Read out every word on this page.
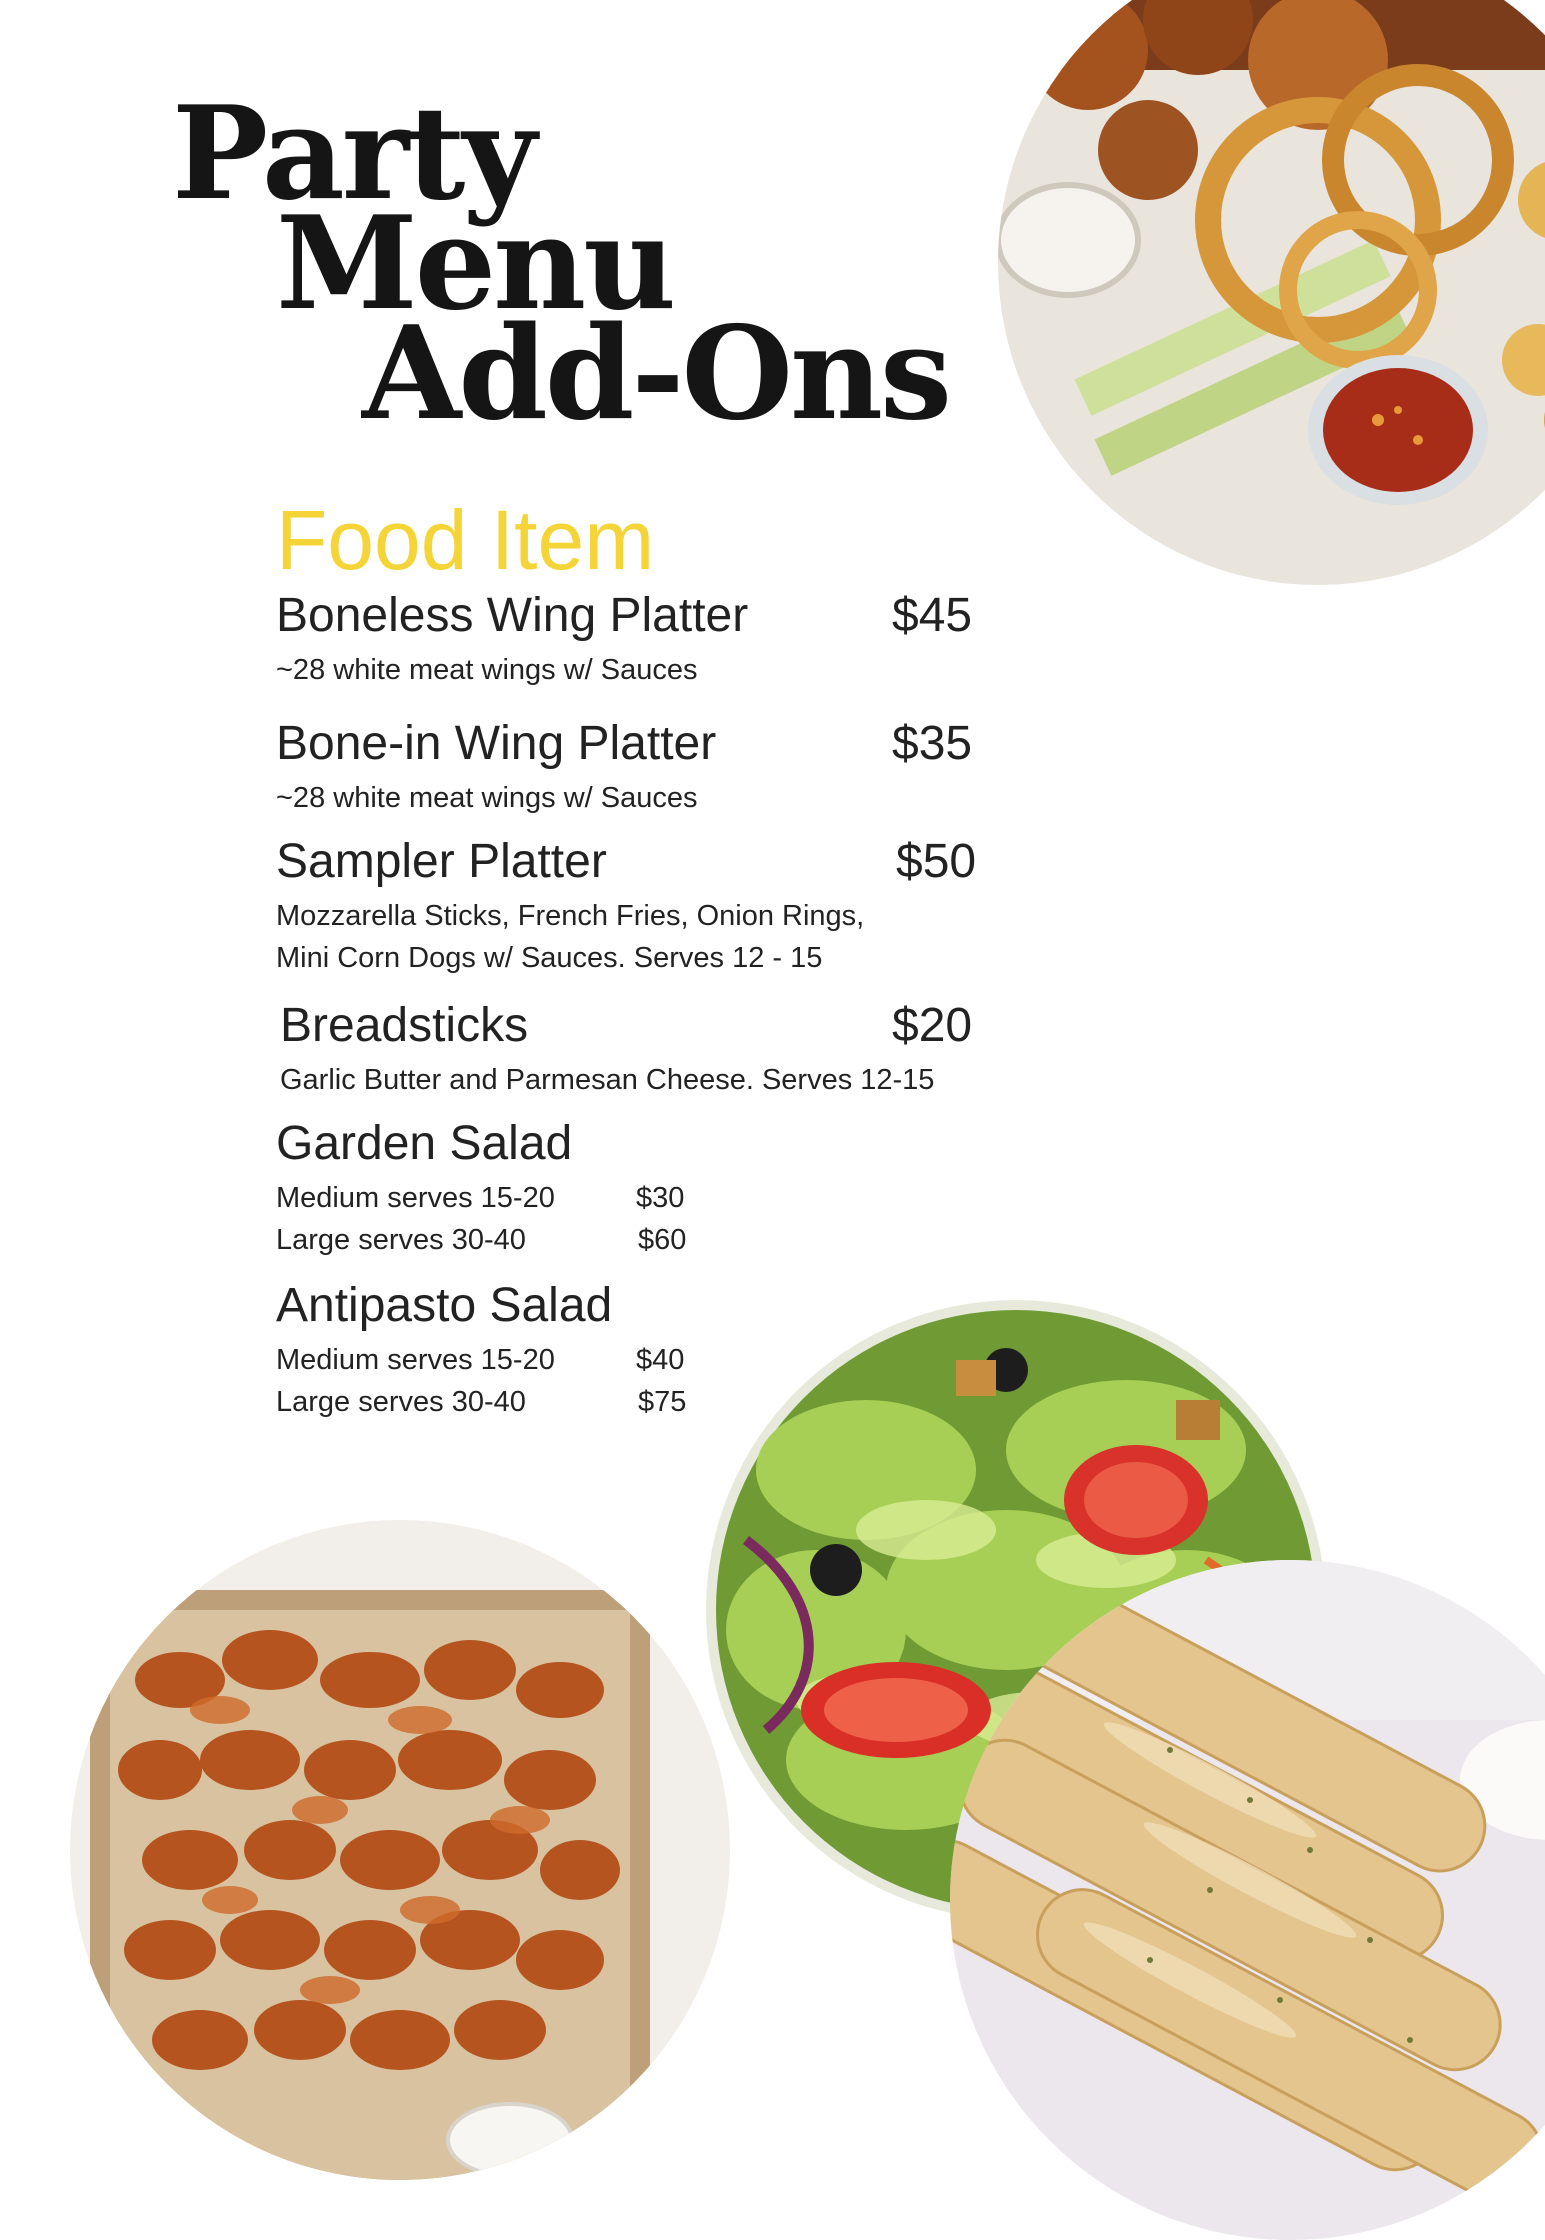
Party
Menu
Add-Ons
Food Item

Boneless Wing Platter	$45

~28 white meat wings w/ Sauces

Bone-in Wing Platter	$35

~28 white meat wings w/ Sauces

Sampler Platter	$50

Mozzarella Sticks, French Fries, Onion Rings,

Mini Corn Dogs w/ Sauces. Serves 12 - 15

Breadsticks	$20

Garlic Butter and Parmesan Cheese. Serves 12-15

Garden Salad

Medium serves 15-20	$30

Large serves 30-40	$60

Antipasto Salad

Medium serves 15-20	$40

Large serves 30-40	$75
